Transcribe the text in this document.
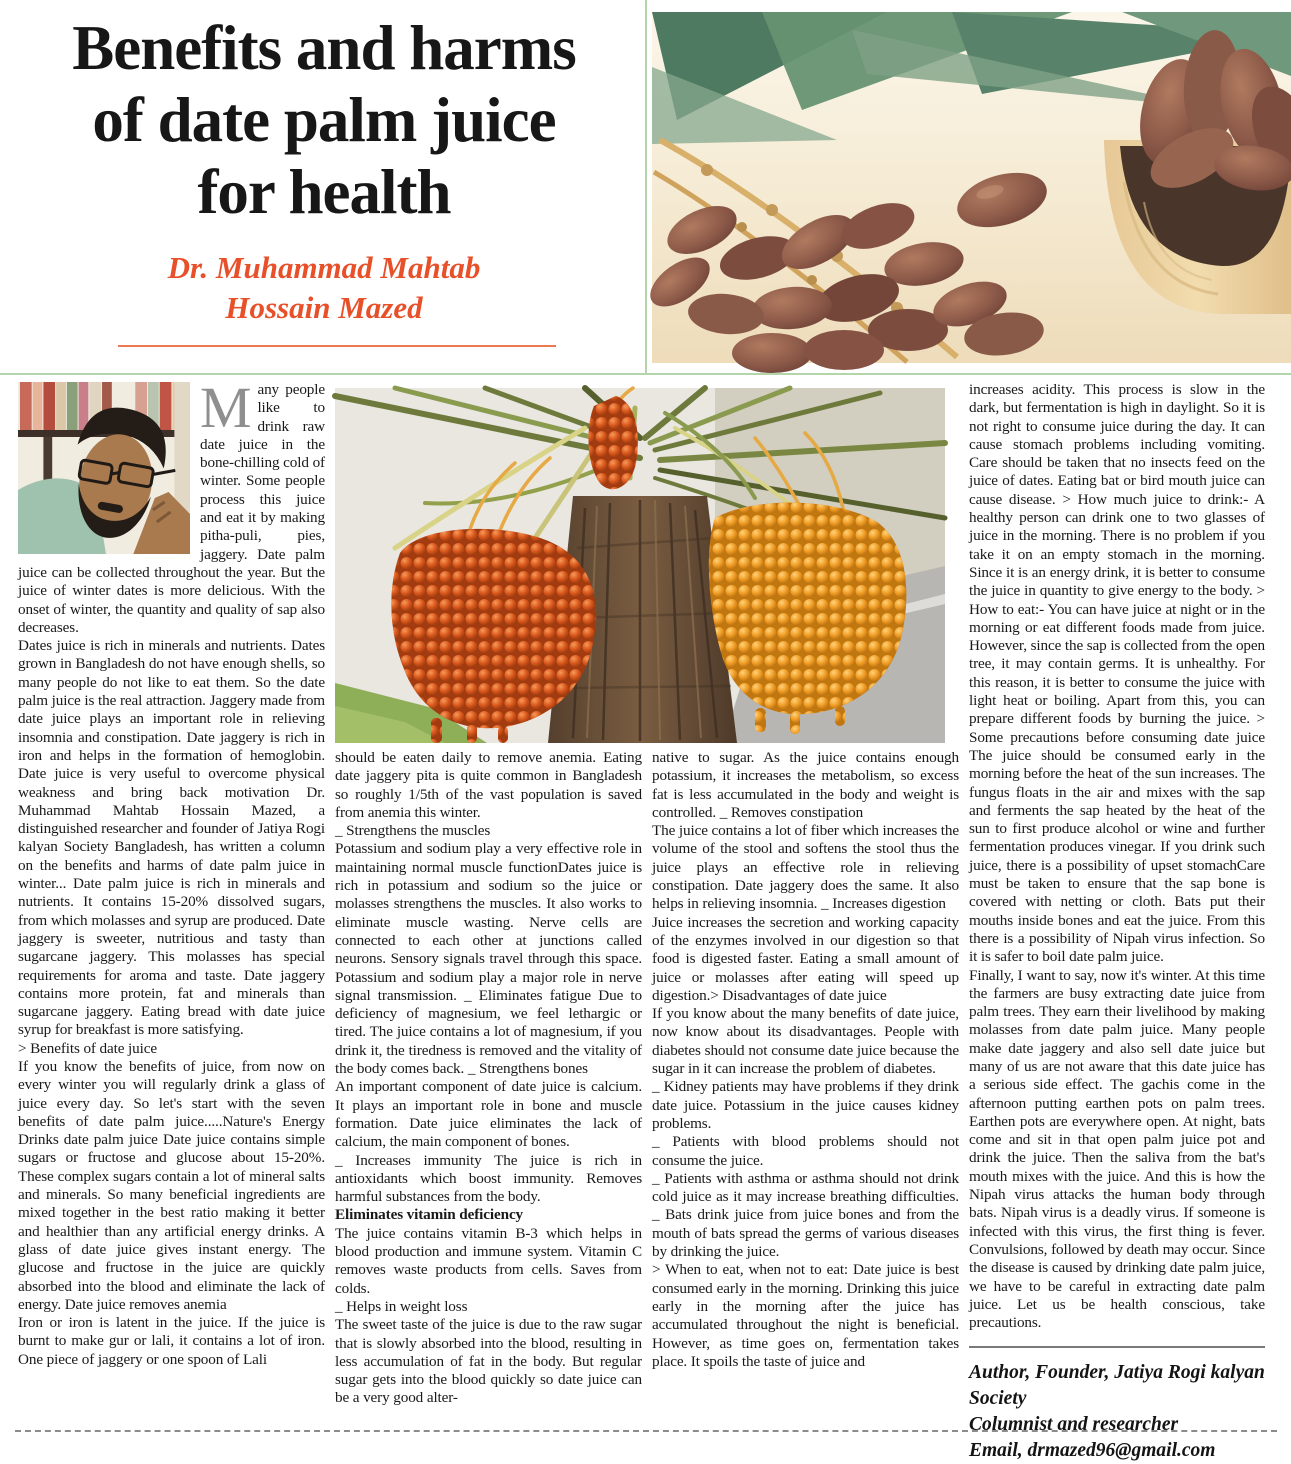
Benefits and harms
of date palm juice
for health
Dr. Muhammad Mahtab
Hossain Mazed

M any people like to drink raw date juice in the bone-chilling cold of winter. Some people process this juice and eat it by making pitha-puli, pies, jaggery. Date palm juice can be collected throughout the year. But the juice of winter dates is more delicious. With the onset of winter, the quantity and quality of sap also decreases.

Dates juice is rich in minerals and nutrients. Dates grown in Bangladesh do not have enough shells, so many people do not like to eat them. So the date palm juice is the real attraction. Jaggery made from date juice plays an important role in relieving insomnia and constipation. Date jaggery is rich in iron and helps in the formation of hemoglobin. Date juice is very useful to overcome physical weakness and bring back motivation Dr. Muhammad Mahtab Hossain Mazed, a distinguished researcher and founder of Jatiya Rogi kalyan Society Bangladesh, has written a column on the benefits and harms of date palm juice in winter... Date palm juice is rich in minerals and nutrients. It contains 15-20% dissolved sugars, from which molasses and syrup are produced. Date jaggery is sweeter, nutritious and tasty than sugarcane jaggery. This molasses has special requirements for aroma and taste. Date jaggery contains more protein, fat and minerals than sugarcane jaggery. Eating bread with date juice syrup for breakfast is more satisfying.

> Benefits of date juice

If you know the benefits of juice, from now on every winter you will regularly drink a glass of juice every day. So let's start with the seven benefits of date palm juice.....Nature's Energy Drinks date palm juice Date juice contains simple sugars or fructose and glucose about 15-20%. These complex sugars contain a lot of mineral salts and minerals. So many beneficial ingredients are mixed together in the best ratio making it better and healthier than any artificial energy drinks. A glass of date juice gives instant energy. The glucose and fructose in the juice are quickly absorbed into the blood and eliminate the lack of energy. Date juice removes anemia

Iron or iron is latent in the juice. If the juice is burnt to make gur or lali, it contains a lot of iron. One piece of jaggery or one spoon of Lali

should be eaten daily to remove anemia. Eating date jaggery pita is quite common in Bangladesh so roughly 1/5th of the vast population is saved from anemia this winter.

_ Strengthens the muscles

Potassium and sodium play a very effective role in maintaining normal muscle functionDates juice is rich in potassium and sodium so the juice or molasses strengthens the muscles. It also works to eliminate muscle wasting. Nerve cells are connected to each other at junctions called neurons. Sensory signals travel through this space. Potassium and sodium play a major role in nerve signal transmission. _ Eliminates fatigue Due to deficiency of magnesium, we feel lethargic or tired. The juice contains a lot of magnesium, if you drink it, the tiredness is removed and the vitality of the body comes back. _ Strengthens bones

An important component of date juice is calcium. It plays an important role in bone and muscle formation. Date juice eliminates the lack of calcium, the main component of bones.

_ Increases immunity The juice is rich in antioxidants which boost immunity. Removes harmful substances from the body.

Eliminates vitamin deficiency

The juice contains vitamin B-3 which helps in blood production and immune system. Vitamin C removes waste products from cells. Saves from colds.

_ Helps in weight loss

The sweet taste of the juice is due to the raw sugar that is slowly absorbed into the blood, resulting in less accumulation of fat in the body. But regular sugar gets into the blood quickly so date juice can be a very good alter-

native to sugar. As the juice contains enough potassium, it increases the metabolism, so excess fat is less accumulated in the body and weight is controlled. _ Removes constipation

The juice contains a lot of fiber which increases the volume of the stool and softens the stool thus the juice plays an effective role in relieving constipation. Date jaggery does the same. It also helps in relieving insomnia. _ Increases digestion

Juice increases the secretion and working capacity of the enzymes involved in our digestion so that food is digested faster. Eating a small amount of juice or molasses after eating will speed up digestion.> Disadvantages of date juice

If you know about the many benefits of date juice, now know about its disadvantages. People with diabetes should not consume date juice because the sugar in it can increase the problem of diabetes.

_ Kidney patients may have problems if they drink date juice. Potassium in the juice causes kidney problems.

_ Patients with blood problems should not consume the juice.

_ Patients with asthma or asthma should not drink cold juice as it may increase breathing difficulties. _ Bats drink juice from juice bones and from the mouth of bats spread the germs of various diseases by drinking the juice.

> When to eat, when not to eat: Date juice is best consumed early in the morning. Drinking this juice early in the morning after the juice has accumulated throughout the night is beneficial. However, as time goes on, fermentation takes place. It spoils the taste of juice and

increases acidity. This process is slow in the dark, but fermentation is high in daylight. So it is not right to consume juice during the day. It can cause stomach problems including vomiting. Care should be taken that no insects feed on the juice of dates. Eating bat or bird mouth juice can cause disease. > How much juice to drink:- A healthy person can drink one to two glasses of juice in the morning. There is no problem if you take it on an empty stomach in the morning. Since it is an energy drink, it is better to consume the juice in quantity to give energy to the body. > How to eat:- You can have juice at night or in the morning or eat different foods made from juice. However, since the sap is collected from the open tree, it may contain germs. It is unhealthy. For this reason, it is better to consume the juice with light heat or boiling. Apart from this, you can prepare different foods by burning the juice. > Some precautions before consuming date juice The juice should be consumed early in the morning before the heat of the sun increases. The fungus floats in the air and mixes with the sap and ferments the sap heated by the heat of the sun to first produce alcohol or wine and further fermentation produces vinegar. If you drink such juice, there is a possibility of upset stomachCare must be taken to ensure that the sap bone is covered with netting or cloth. Bats put their mouths inside bones and eat the juice. From this there is a possibility of Nipah virus infection. So it is safer to boil date palm juice.

Finally, I want to say, now it's winter. At this time the farmers are busy extracting date juice from palm trees. They earn their livelihood by making molasses from date palm juice. Many people make date jaggery and also sell date juice but many of us are not aware that this date juice has a serious side effect. The gachis come in the afternoon putting earthen pots on palm trees. Earthen pots are everywhere open. At night, bats come and sit in that open palm juice pot and drink the juice. Then the saliva from the bat's mouth mixes with the juice. And this is how the Nipah virus attacks the human body through bats. Nipah virus is a deadly virus. If someone is infected with this virus, the first thing is fever. Convulsions, followed by death may occur. Since the disease is caused by drinking date palm juice, we have to be careful in extracting date palm juice. Let us be health conscious, take precautions.

Author, Founder, Jatiya Rogi kalyan Society

Columnist and researcher

Email, drmazed96@gmail.com
